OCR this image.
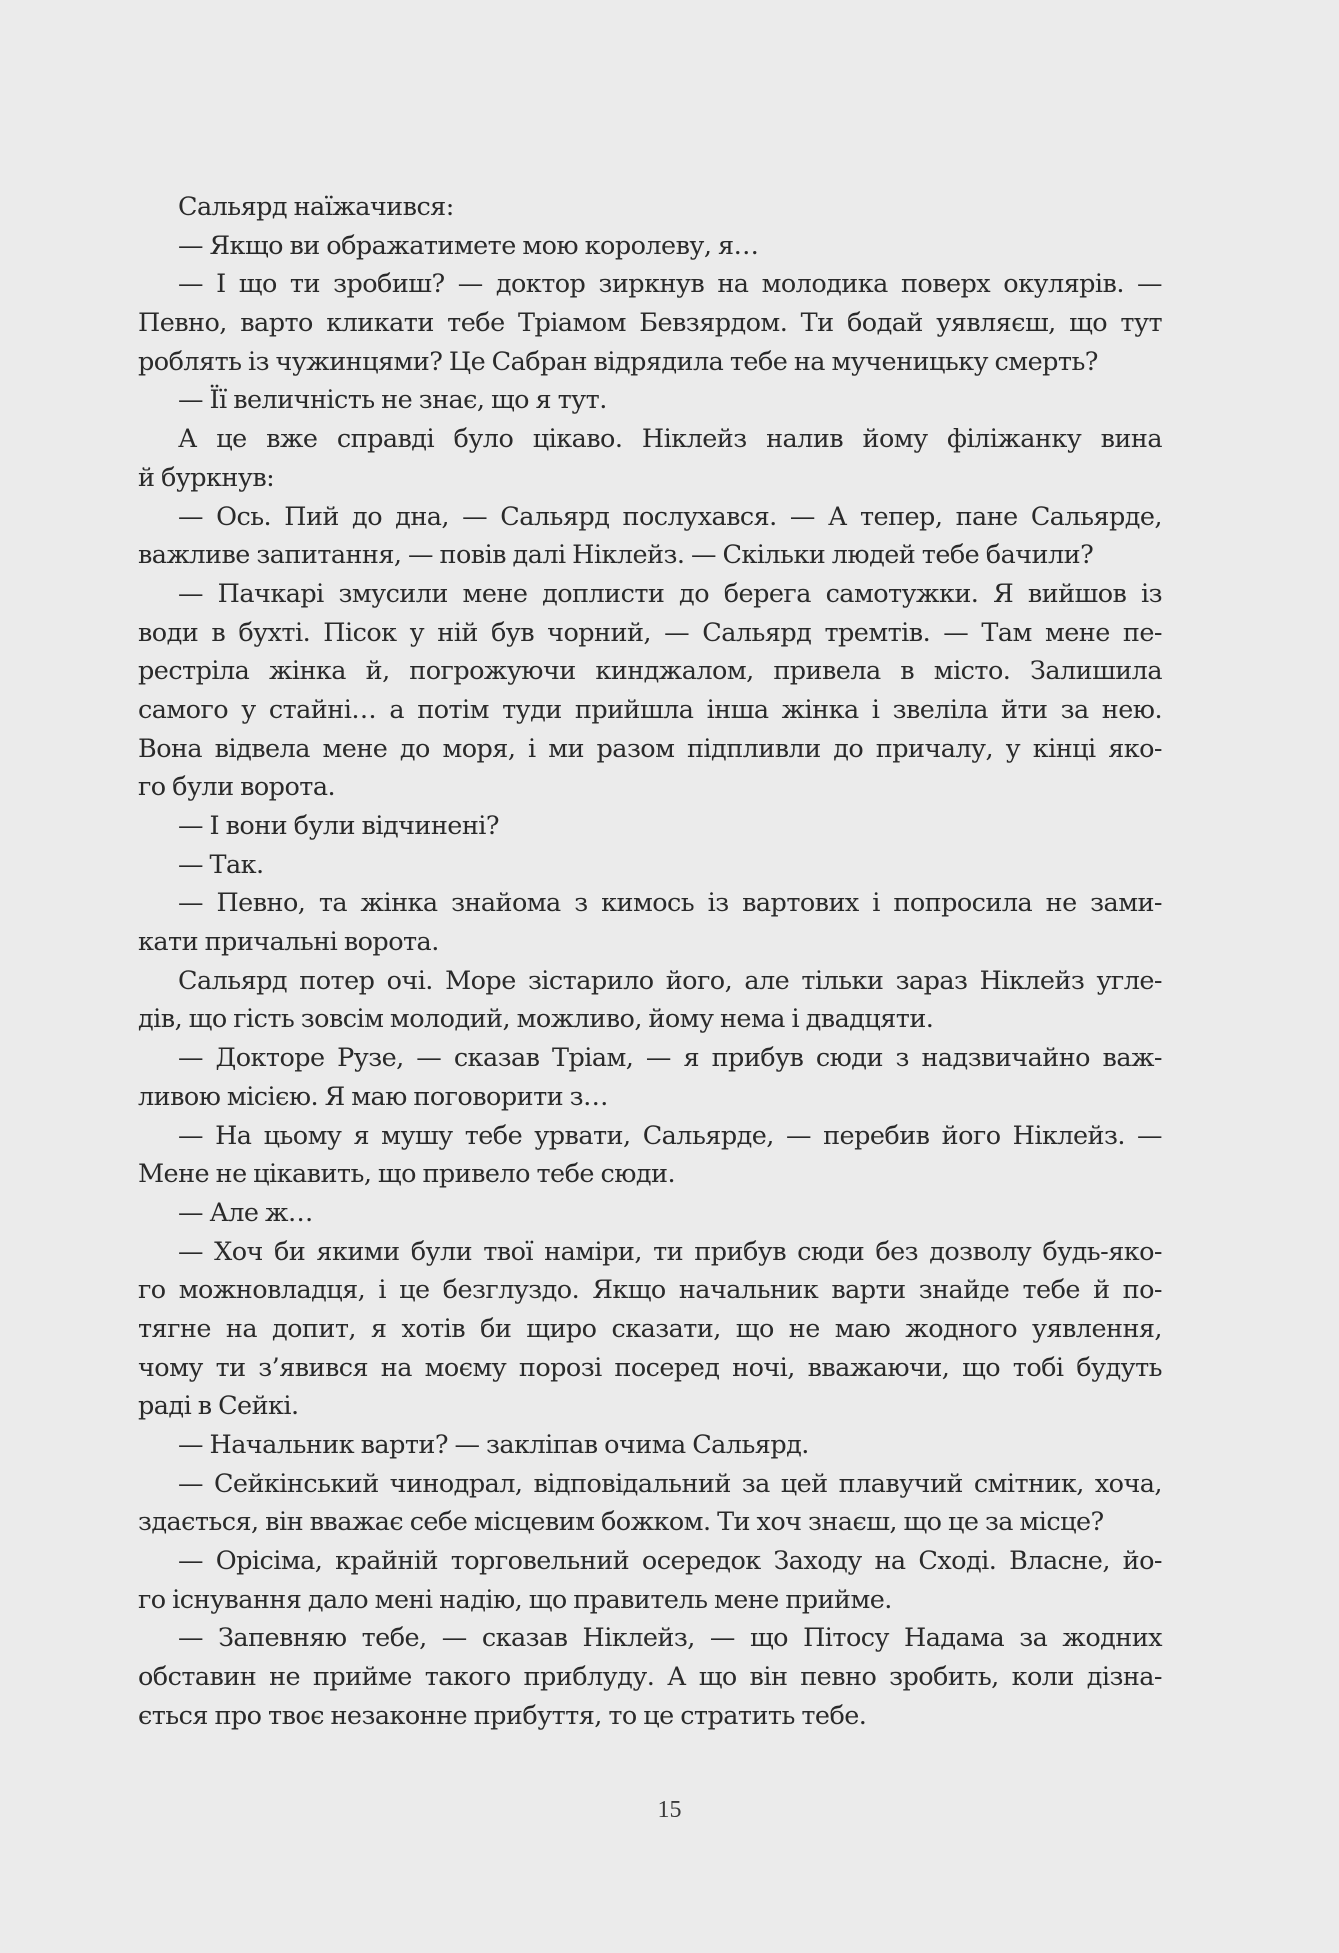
Сальярд наїжачився:
— Якщо ви ображатимете мою королеву, я…
— І що ти зробиш? — доктор зиркнув на молодика поверх окулярів. —
Певно, варто кликати тебе Тріамом Бевзярдом. Ти бодай уявляєш, що тут
роблять із чужинцями? Це Сабран відрядила тебе на мученицьку смерть?
— Її величність не знає, що я тут.
А це вже справді було цікаво. Ніклейз налив йому філіжанку вина
й буркнув:
— Ось. Пий до дна, — Сальярд послухався. — А тепер, пане Сальярде,
важливе запитання, — повів далі Ніклейз. — Скільки людей тебе бачили?
— Пачкарі змусили мене доплисти до берега самотужки. Я вийшов із
води в бухті. Пісок у ній був чорний, — Сальярд тремтів. — Там мене пе-
рестріла жінка й, погрожуючи кинджалом, привела в місто. Залишила
самого у стайні… а потім туди прийшла інша жінка і звеліла йти за нею.
Вона відвела мене до моря, і ми разом підпливли до причалу, у кінці яко-
го були ворота.
— І вони були відчинені?
— Так.
— Певно, та жінка знайома з кимось із вартових і попросила не зами-
кати причальні ворота.
Сальярд потер очі. Море зістарило його, але тільки зараз Ніклейз угле-
дів, що гість зовсім молодий, можливо, йому нема і двадцяти.
— Докторе Рузе, — сказав Тріам, — я прибув сюди з надзвичайно важ-
ливою місією. Я маю поговорити з…
— На цьому я мушу тебе урвати, Сальярде, — перебив його Ніклейз. —
Мене не цікавить, що привело тебе сюди.
— Але ж…
— Хоч би якими були твої наміри, ти прибув сюди без дозволу будь-яко-
го можновладця, і це безглуздо. Якщо начальник варти знайде тебе й по-
тягне на допит, я хотів би щиро сказати, що не маю жодного уявлення,
чому ти з’явився на моєму порозі посеред ночі, вважаючи, що тобі будуть
раді в Сейкі.
— Начальник варти? — закліпав очима Сальярд.
— Сейкінський чинодрал, відповідальний за цей плавучий смітник, хоча,
здається, він вважає себе місцевим божком. Ти хоч знаєш, що це за місце?
— Орісіма, крайній торговельний осередок Заходу на Сході. Власне, йо-
го існування дало мені надію, що правитель мене прийме.
— Запевняю тебе, — сказав Ніклейз, — що Пітосу Надама за жодних
обставин не прийме такого приблуду. А що він певно зробить, коли дізна-
ється про твоє незаконне прибуття, то це стратить тебе.
15
